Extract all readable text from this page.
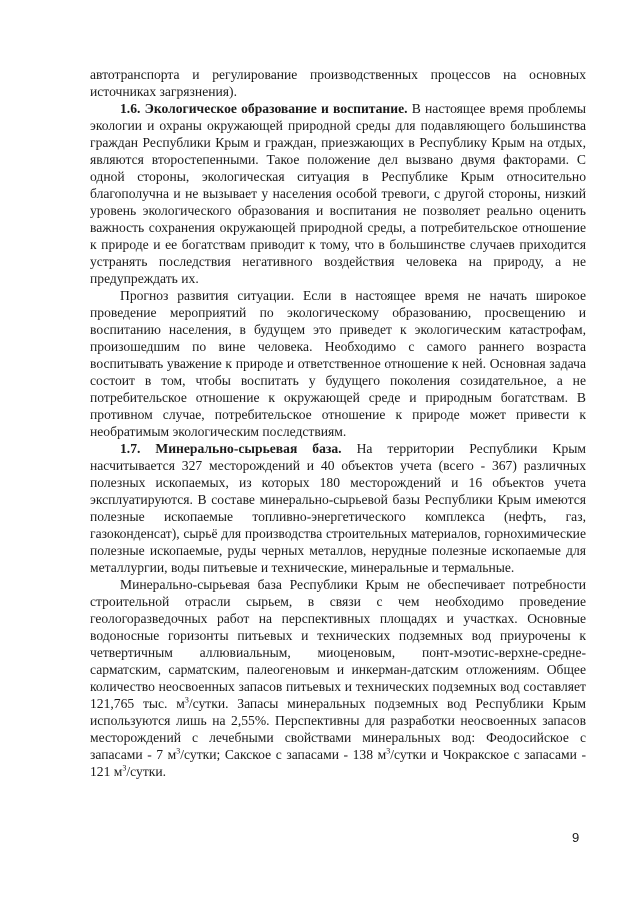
автотранспорта и регулирование производственных процессов на основных источниках загрязнения).

1.6. Экологическое образование и воспитание. В настоящее время проблемы экологии и охраны окружающей природной среды для подавляющего большинства граждан Республики Крым и граждан, приезжающих в Республику Крым на отдых, являются второстепенными. Такое положение дел вызвано двумя факторами. С одной стороны, экологическая ситуация в Республике Крым относительно благополучна и не вызывает у населения особой тревоги, с другой стороны, низкий уровень экологического образования и воспитания не позволяет реально оценить важность сохранения окружающей природной среды, а потребительское отношение к природе и ее богатствам приводит к тому, что в большинстве случаев приходится устранять последствия негативного воздействия человека на природу, а не предупреждать их.

Прогноз развития ситуации. Если в настоящее время не начать широкое проведение мероприятий по экологическому образованию, просвещению и воспитанию населения, в будущем это приведет к экологическим катастрофам, произошедшим по вине человека. Необходимо с самого раннего возраста воспитывать уважение к природе и ответственное отношение к ней. Основная задача состоит в том, чтобы воспитать у будущего поколения созидательное, а не потребительское отношение к окружающей среде и природным богатствам. В противном случае, потребительское отношение к природе может привести к необратимым экологическим последствиям.

1.7. Минерально-сырьевая база. На территории Республики Крым насчитывается 327 месторождений и 40 объектов учета (всего - 367) различных полезных ископаемых, из которых 180 месторождений и 16 объектов учета эксплуатируются. В составе минерально-сырьевой базы Республики Крым имеются полезные ископаемые топливно-энергетического комплекса (нефть, газ, газоконденсат), сырьё для производства строительных материалов, горнохимические полезные ископаемые, руды черных металлов, нерудные полезные ископаемые для металлургии, воды питьевые и технические, минеральные и термальные.

Минерально-сырьевая база Республики Крым не обеспечивает потребности строительной отрасли сырьем, в связи с чем необходимо проведение геологоразведочных работ на перспективных площадях и участках. Основные водоносные горизонты питьевых и технических подземных вод приурочены к четвертичным аллювиальным, миоценовым, понт-мэотис-верхне-средне-сарматским, сарматским, палеогеновым и инкерман-датским отложениям. Общее количество неосвоенных запасов питьевых и технических подземных вод составляет 121,765 тыс. $м^3$/сутки. Запасы минеральных подземных вод Республики Крым используются лишь на 2,55%. Перспективны для разработки неосвоенных запасов месторождений с лечебными свойствами минеральных вод: Феодосийское с запасами - 7 $м^3$/сутки; Сакское с запасами - 138 $м^3$/сутки и Чокракское с запасами - 121 $м^3$/сутки.

9
